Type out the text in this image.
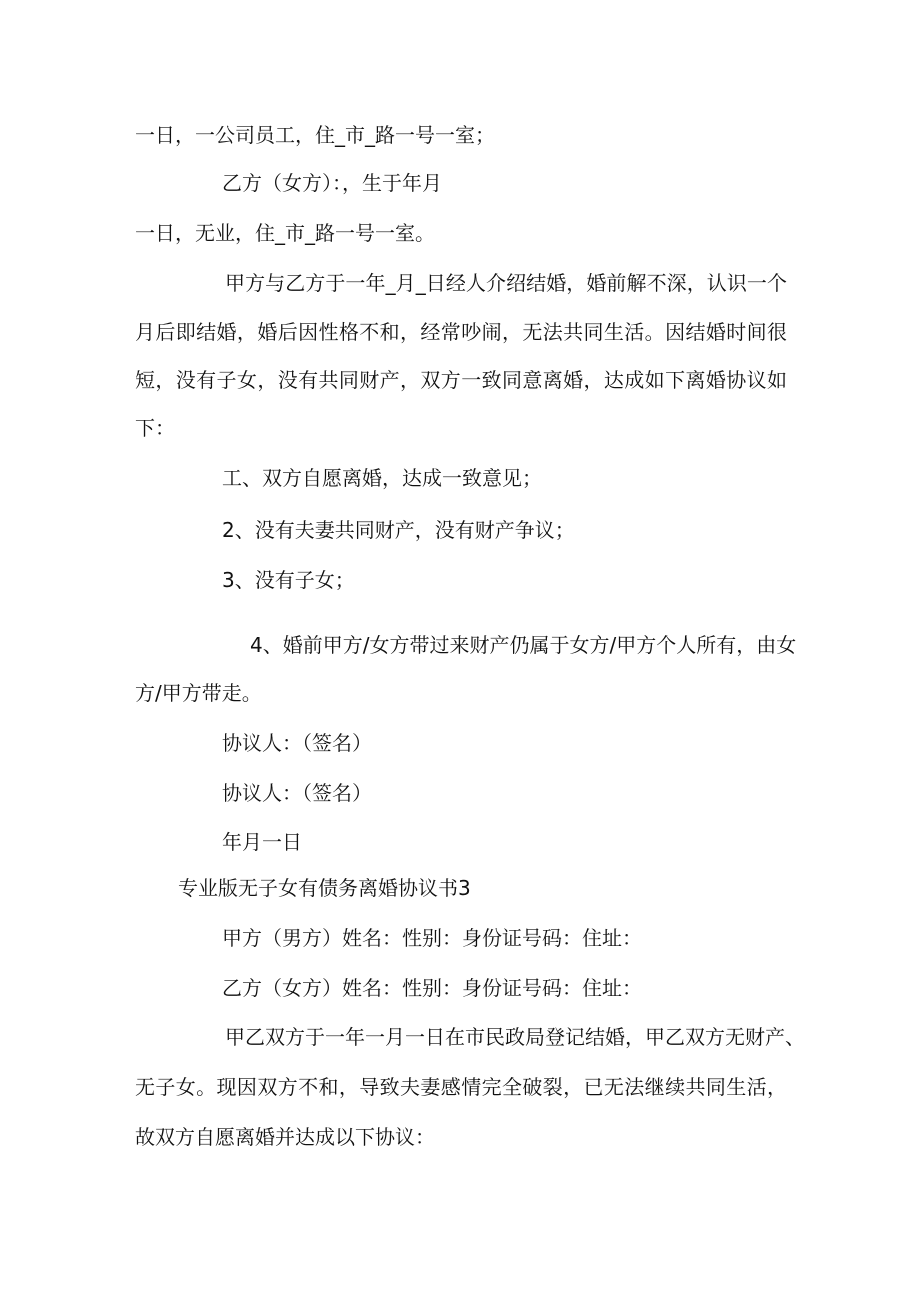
一日，一公司员工，住_市_路一号一室；
乙方（女方）：，生于年月
一日，无业，住_市_路一号一室。
甲方与乙方于一年_月_日经人介绍结婚，婚前解不深，认识一个
月后即结婚，婚后因性格不和，经常吵闹，无法共同生活。因结婚时间很
短，没有子女，没有共同财产，双方一致同意离婚，达成如下离婚协议如
下：
工、双方自愿离婚，达成一致意见；
2、没有夫妻共同财产，没有财产争议；
3、没有子女；
4、婚前甲方/女方带过来财产仍属于女方/甲方个人所有，由女
方/甲方带走。
协议人：（签名）
协议人：（签名）
年月一日
专业版无子女有债务离婚协议书3
甲方（男方）姓名：性别：身份证号码：住址：
乙方（女方）姓名：性别：身份证号码：住址：
甲乙双方于一年一月一日在市民政局登记结婚，甲乙双方无财产、
无子女。现因双方不和，导致夫妻感情完全破裂，已无法继续共同生活，
故双方自愿离婚并达成以下协议：
